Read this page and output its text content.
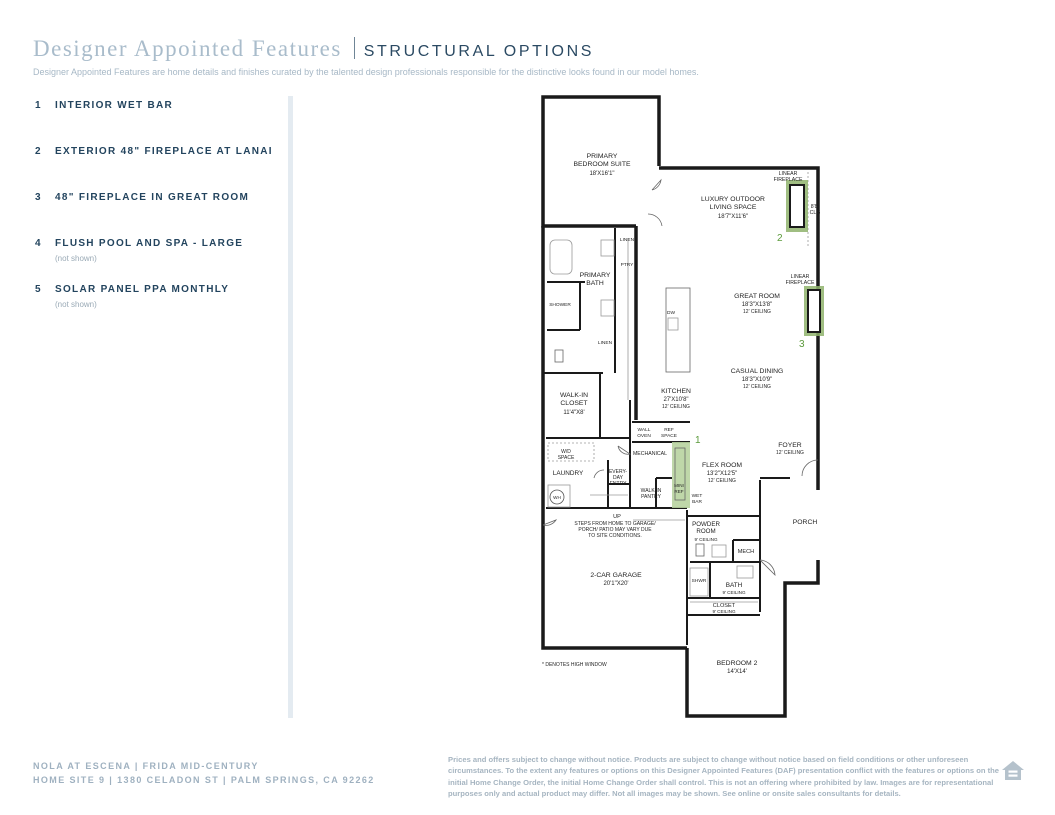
Designer Appointed Features STRUCTURAL OPTIONS
Designer Appointed Features are home details and finishes curated by the talented design professionals responsible for the distinctive looks found in our model homes.
1 INTERIOR WET BAR
2 EXTERIOR 48" FIREPLACE AT LANAI
3 48" FIREPLACE IN GREAT ROOM
4 FLUSH POOL AND SPA - LARGE
(not shown)
5 SOLAR PANEL PPA MONTHLY
(not shown)
PRIMARY BEDROOM SUITE
18'X16'1"
LUXURY OUTDOOR LIVING SPACE
18'7"X11'6"
LINEAR FIREPLACE
8'8" CLG
LINEAR FIREPLACE
PRIMARY BATH
GREAT ROOM
18'3"X13'8"
12' CEILING
CASUAL DINING
18'3"X10'9"
12' CEILING
KITCHEN
27'X10'8"
12' CEILING
WALK-IN CLOSET
11'4"X8'
FLEX ROOM
13'2"X12'5"
12' CEILING
FOYER
12' CEILING
PORCH
2-CAR GARAGE
20'1"X20'
UP
STEPS FROM HOME TO GARAGE/ PORCH/ PATIO MAY VARY DUE TO SITE CONDITIONS.
POWDER ROOM
9' CEILING
MECH
MECHANICAL
BATH
9' CEILING
CLOSET
9' CEILING
BEDROOM 2
14'X14'
LAUNDRY
W/D SPACE
EVERY-DAY ENTRY
WALK-IN PANTRY
WALL OVEN
REF SPACE
MINI REF
WET BAR
SHOWER
SHWR
LINEN
LINEN
PTRY
DW
WH
* DENOTES HIGH WINDOW
1
2
3
NOLA AT ESCENA | FRIDA MID-CENTURY
HOME SITE 9 | 1380 CELADON ST | PALM SPRINGS, CA 92262
Prices and offers subject to change without notice. Products are subject to change without notice based on field conditions or other unforeseen circumstances. To the extent any features or options on this Designer Appointed Features (DAF) presentation conflict with the features or options on the initial Home Change Order, the initial Home Change Order shall control. This is not an offering where prohibited by law. Images are for representational purposes only and actual product may differ. Not all images may be shown. See online or onsite sales consultants for details.
